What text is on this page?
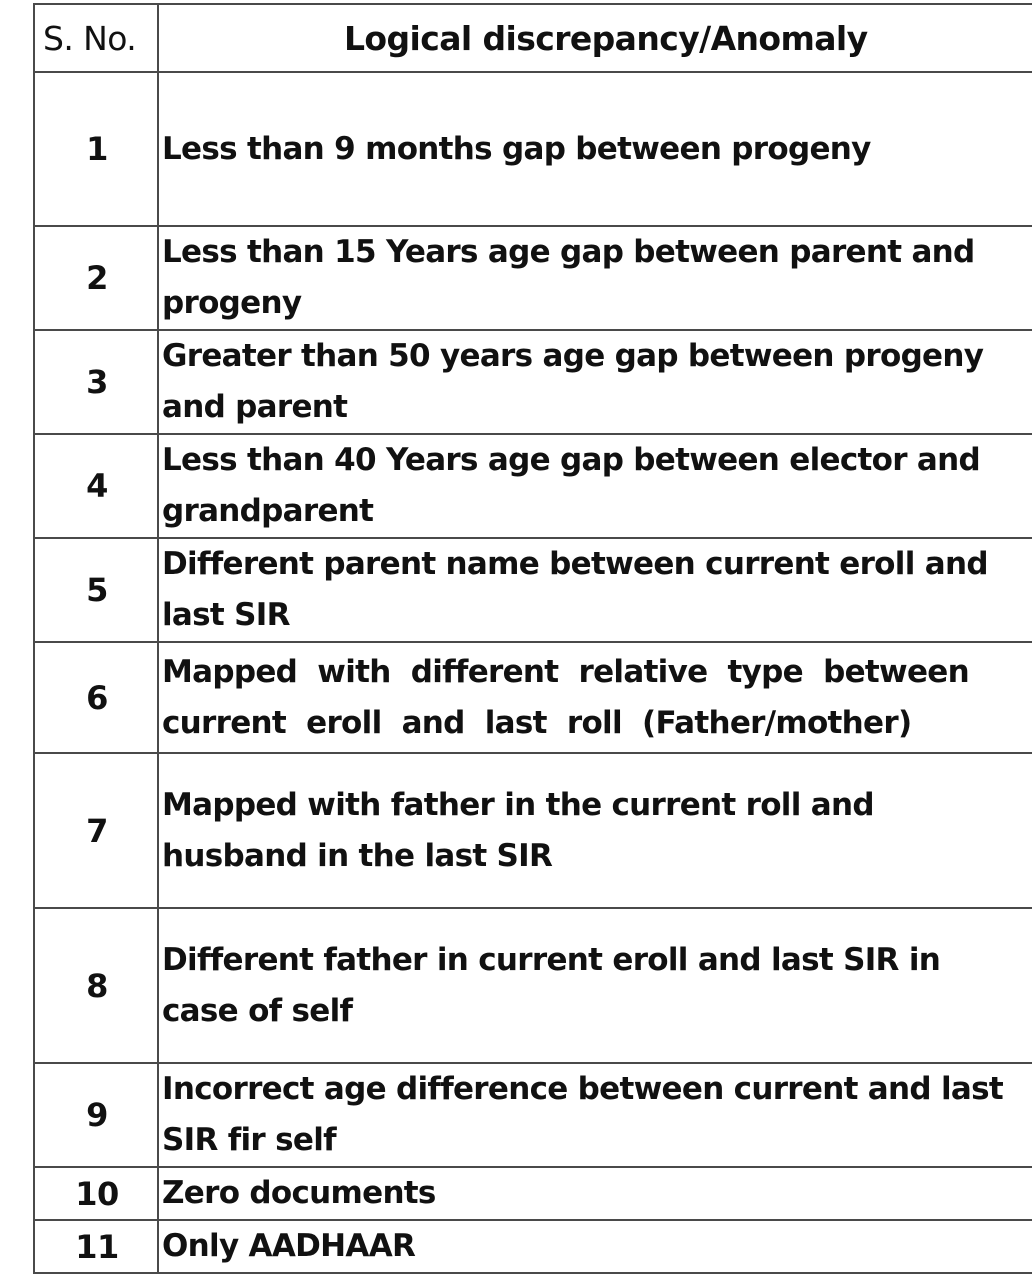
S. No.	Logical discrepancy/Anomaly
1	Less than 9 months gap between progeny

2	Less than 15 Years age gap between parent and
progeny

3	Greater than 50 years age gap between progeny
and parent

4	Less than 40 Years age gap between elector and
grandparent

5	Different parent name between current eroll and
last SIR

6	Mapped with different relative type between
current eroll and last roll (Father/mother)

7	Mapped with father in the current roll and
husband in the last SIR

8	Different father in current eroll and last SIR in
case of self

9	Incorrect age difference between current and last
SIR fir self

10	Zero documents

11	Only AADHAAR
